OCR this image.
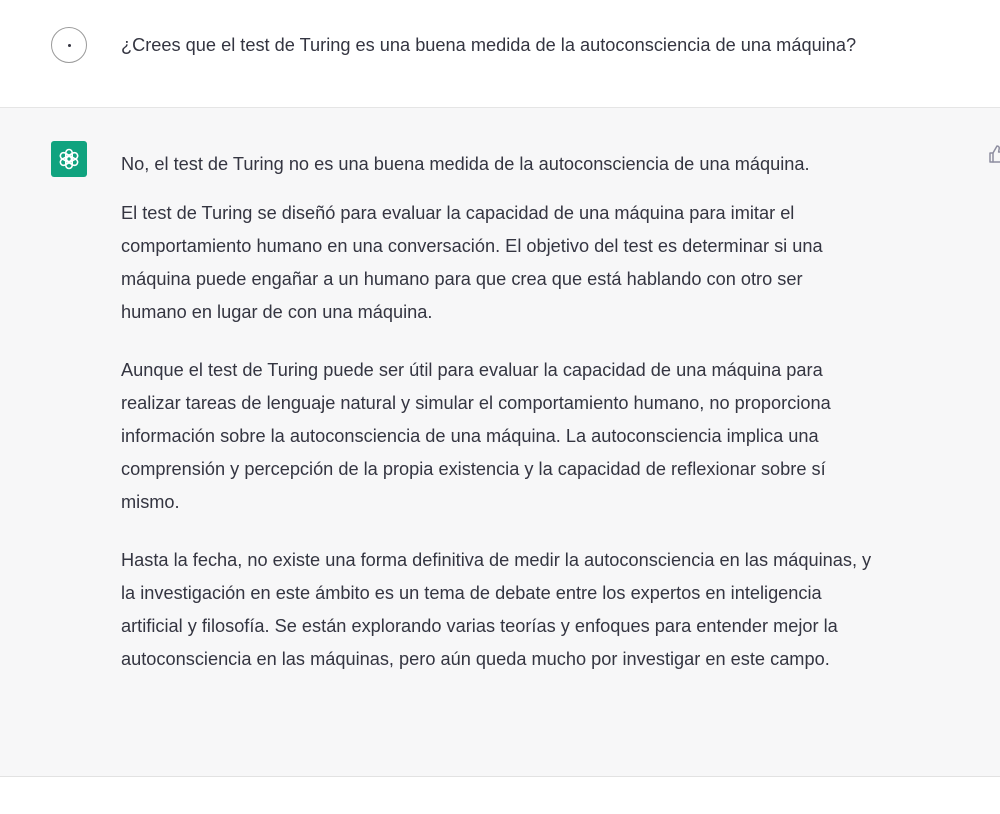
¿Crees que el test de Turing es una buena medida de la autoconsciencia de una máquina?

No, el test de Turing no es una buena medida de la autoconsciencia de una máquina.

El test de Turing se diseñó para evaluar la capacidad de una máquina para imitar el
comportamiento humano en una conversación. El objetivo del test es determinar si una
máquina puede engañar a un humano para que crea que está hablando con otro ser
humano en lugar de con una máquina.

Aunque el test de Turing puede ser útil para evaluar la capacidad de una máquina para
realizar tareas de lenguaje natural y simular el comportamiento humano, no proporciona
información sobre la autoconsciencia de una máquina. La autoconsciencia implica una
comprensión y percepción de la propia existencia y la capacidad de reflexionar sobre sí
mismo.

Hasta la fecha, no existe una forma definitiva de medir la autoconsciencia en las máquinas, y
la investigación en este ámbito es un tema de debate entre los expertos en inteligencia
artificial y filosofía. Se están explorando varias teorías y enfoques para entender mejor la
autoconsciencia en las máquinas, pero aún queda mucho por investigar en este campo.
